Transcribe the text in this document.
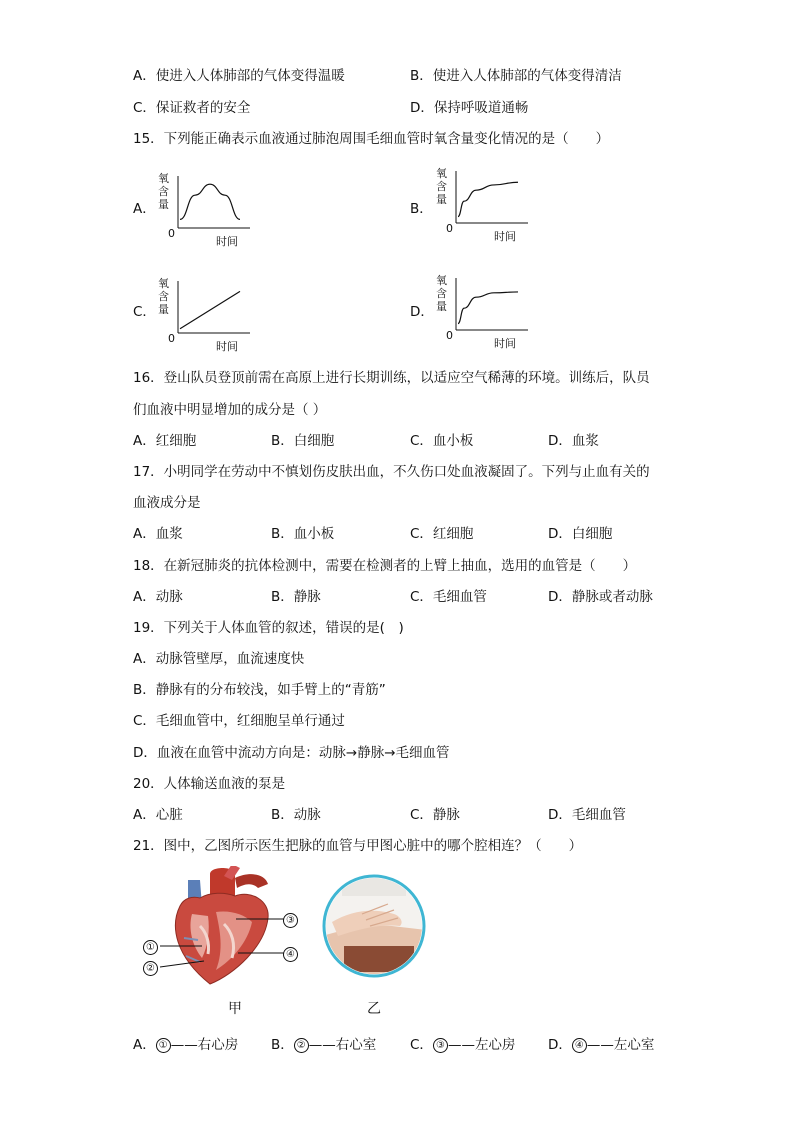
A．使进入人体肺部的气体变得温暖	B．使进入人体肺部的气体变得清洁
C．保证救者的安全	D．保持呼吸道通畅
15．下列能正确表示血液通过肺泡周围毛细血管时氧含量变化情况的是（　　）
A．	B．
C．	D．
氧
含
量
0
时间
氧
含
量
0
时间
氧
含
量
0
时间
氧
含
量
0
时间
16．登山队员登顶前需在高原上进行长期训练，以适应空气稀薄的环境。训练后，队员
们血液中明显增加的成分是（ ）
A．红细胞	B．白细胞	C．血小板	D．血浆
17．小明同学在劳动中不慎划伤皮肤出血，不久伤口处血液凝固了。下列与止血有关的
血液成分是
A．血浆	B．血小板	C．红细胞	D．白细胞
18．在新冠肺炎的抗体检测中，需要在检测者的上臂上抽血，选用的血管是（　　）
A．动脉	B．静脉	C．毛细血管	D．静脉或者动脉
19．下列关于人体血管的叙述，错误的是(　)
A．动脉管壁厚，血流速度快
B．静脉有的分布较浅，如手臂上的“青筋”
C．毛细血管中，红细胞呈单行通过
D．血液在血管中流动方向是：动脉→静脉→毛细血管
20．人体输送血液的泵是
A．心脏	B．动脉	C．静脉	D．毛细血管
21．图中，乙图所示医生把脉的血管与甲图心脏中的哪个腔相连？（　　）
③
①
④
②
甲	乙
A． ① ——右心房 B． ② ——右心室 C． ③ ——左心房 D． ④ ——左心室
